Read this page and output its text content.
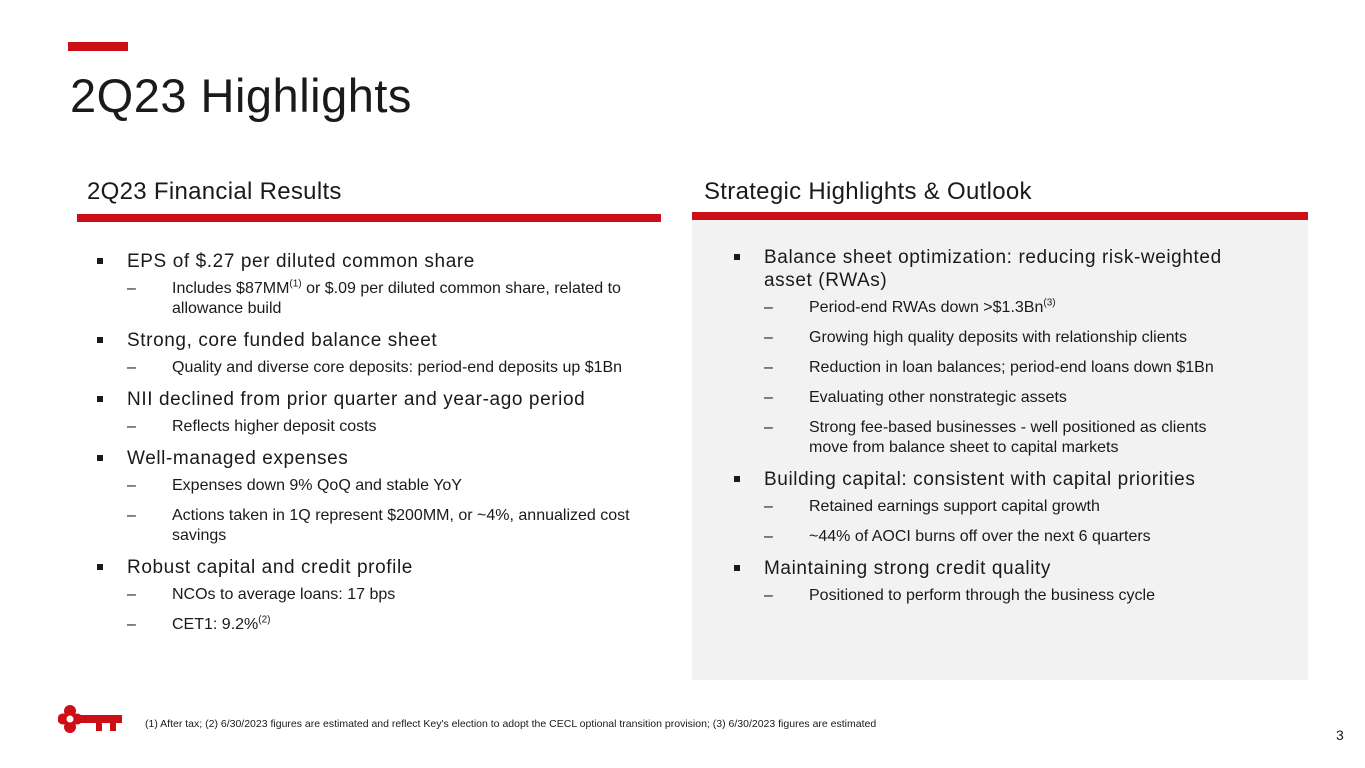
2Q23 Highlights
2Q23 Financial Results
EPS of $.27 per diluted common share
– Includes $87MM$^{(1)}$ or $.09 per diluted common share, related to allowance build
Strong, core funded balance sheet
– Quality and diverse core deposits: period-end deposits up $1Bn
NII declined from prior quarter and year-ago period
– Reflects higher deposit costs
Well-managed expenses
– Expenses down 9% QoQ and stable YoY
– Actions taken in 1Q represent $200MM, or ~4%, annualized cost savings
Robust capital and credit profile
– NCOs to average loans: 17 bps
– CET1: 9.2%$^{(2)}$
Strategic Highlights & Outlook
Balance sheet optimization: reducing risk-weighted asset (RWAs)
– Period-end RWAs down $>\$1.3Bn^{(3)}$
– Growing high quality deposits with relationship clients
– Reduction in loan balances; period-end loans down $1Bn
– Evaluating other nonstrategic assets
– Strong fee-based businesses - well positioned as clients move from balance sheet to capital markets
Building capital: consistent with capital priorities
– Retained earnings support capital growth
– ~44% of AOCI burns off over the next 6 quarters
Maintaining strong credit quality
– Positioned to perform through the business cycle
(1) After tax; (2) 6/30/2023 figures are estimated and reflect Key's election to adopt the CECL optional transition provision; (3) 6/30/2023 figures are estimated
3
